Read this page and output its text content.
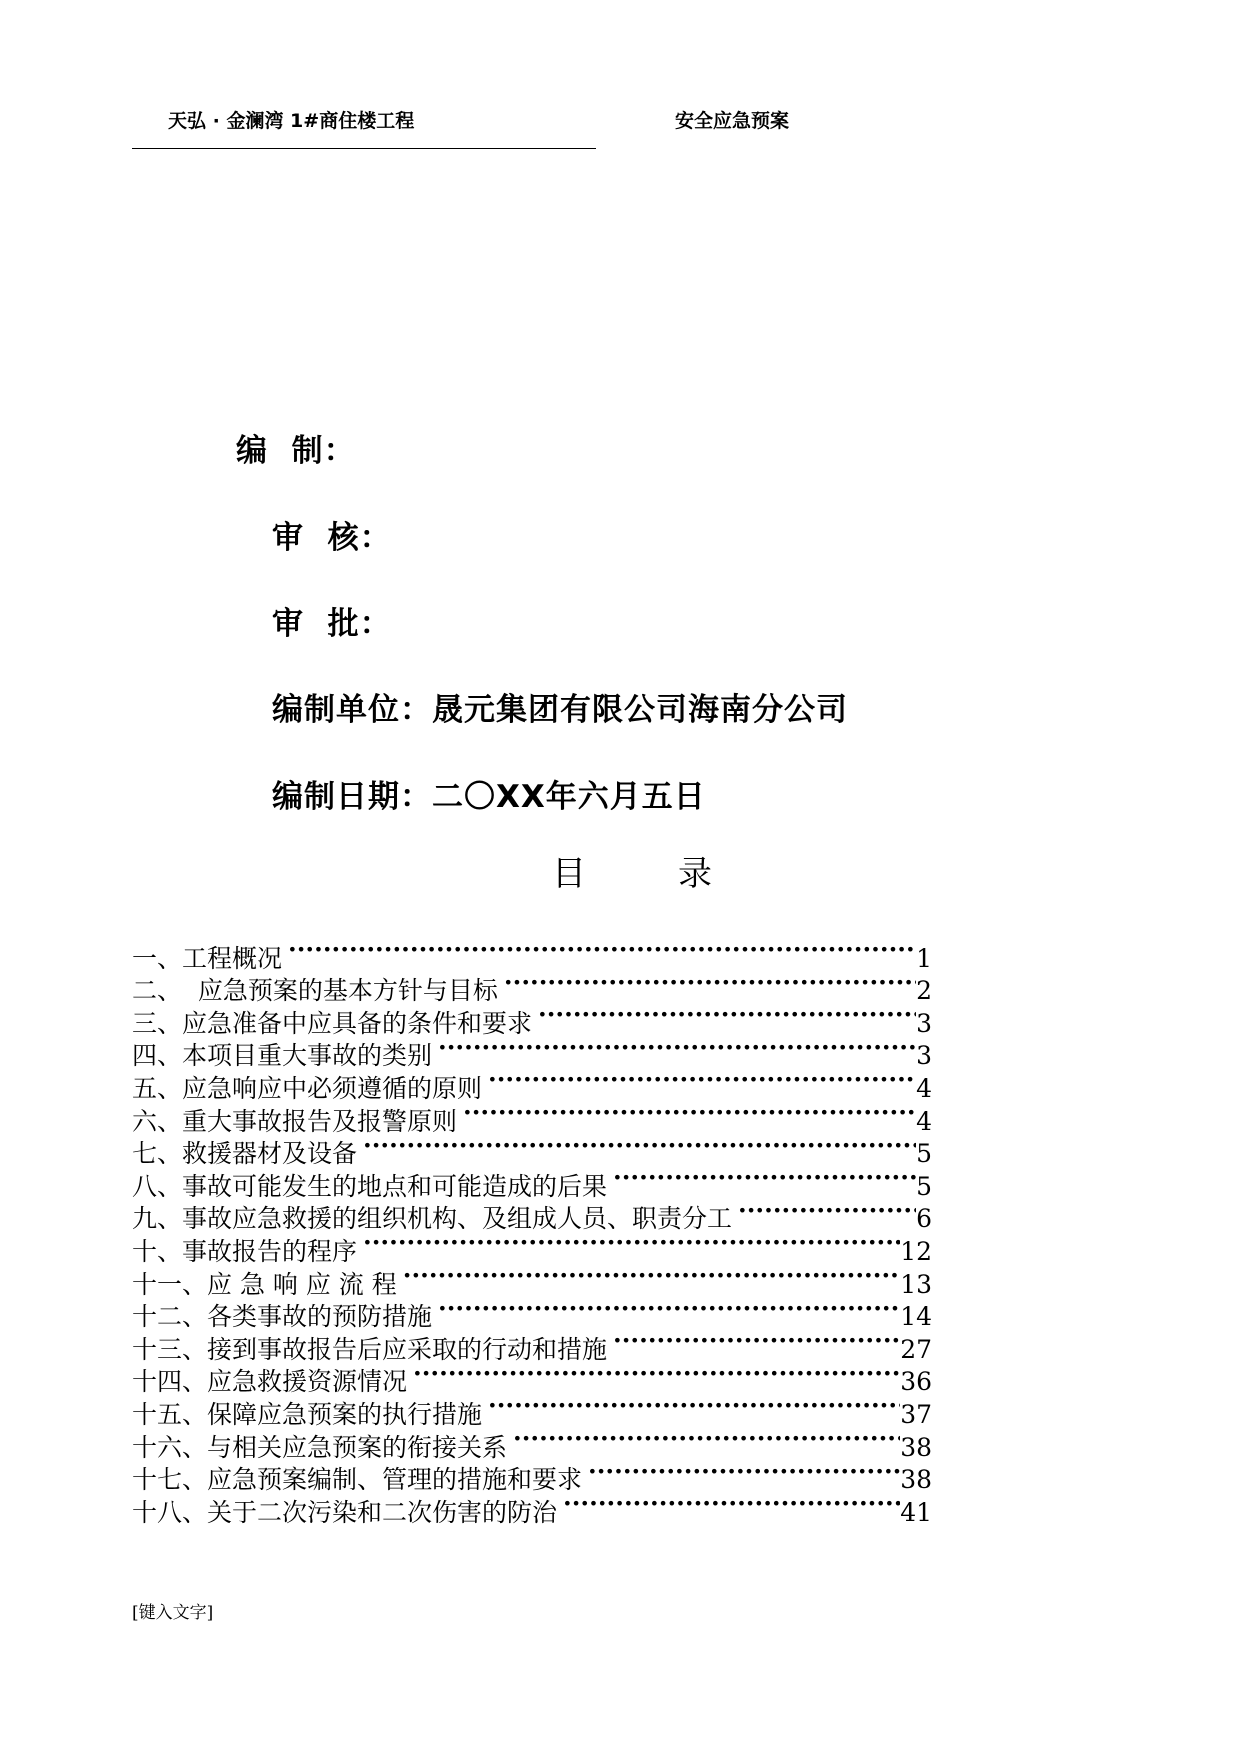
天弘 · 金澜湾 1#商住楼工程	安全应急预案
编  制：
审  核：
审  批：
编制单位：晟元集团有限公司海南分公司
编制日期：二〇XX年六月五日
目	录
一、工程概况 ·····	1
二、  应急预案的基本方针与目标 ·····	2
三、应急准备中应具备的条件和要求 ·····	3
四、本项目重大事故的类别 ·····	3
五、应急响应中必须遵循的原则 ·····	4
六、重大事故报告及报警原则 ·····	4
七、救援器材及设备 ·····	5
八、事故可能发生的地点和可能造成的后果 ·····	5
九、事故应急救援的组织机构、及组成人员、职责分工 ·····	6
十、事故报告的程序 ·····	12
十一、应 急 响 应 流 程 ·····	13
十二、各类事故的预防措施 ·····	14
十三、接到事故报告后应采取的行动和措施 ·····	27
十四、应急救援资源情况 ·····	36
十五、保障应急预案的执行措施 ·····	37
十六、与相关应急预案的衔接关系 ·····	38
十七、应急预案编制、管理的措施和要求 ·····	38
十八、关于二次污染和二次伤害的防治 ·····	41
[键入文字]
